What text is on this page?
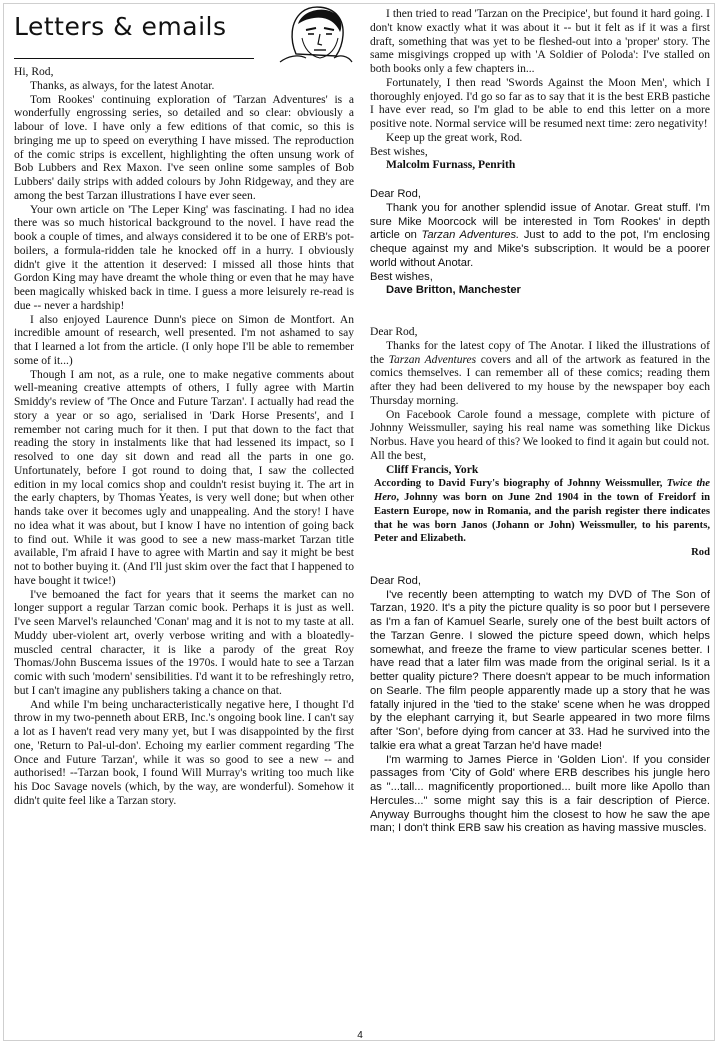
Letters & emails

Hi, Rod,

Thanks, as always, for the latest Anotar.

Tom Rookes' continuing exploration of 'Tarzan Adventures' is a wonderfully engrossing series, so detailed and so clear: obviously a labour of love. I have only a few editions of that comic, so this is bringing me up to speed on everything I have missed. The reproduction of the comic strips is excellent, highlighting the often unsung work of Bob Lubbers and Rex Maxon. I've seen online some samples of Bob Lubbers' daily strips with added colours by John Ridgeway, and they are among the best Tarzan illustrations I have ever seen.

Your own article on 'The Leper King' was fascinating. I had no idea there was so much historical background to the novel. I have read the book a couple of times, and always considered it to be one of ERB's pot-boilers, a formula-ridden tale he knocked off in a hurry. I obviously didn't give it the attention it deserved: I missed all those hints that Gordon King may have dreamt the whole thing or even that he may have been magically whisked back in time. I guess a more leisurely re-read is due -- never a hardship!

I also enjoyed Laurence Dunn's piece on Simon de Montfort. An incredible amount of research, well presented. I'm not ashamed to say that I learned a lot from the article. (I only hope I'll be able to remember some of it...)

Though I am not, as a rule, one to make negative comments about well-meaning creative attempts of others, I fully agree with Martin Smiddy's review of 'The Once and Future Tarzan'. I actually had read the story a year or so ago, serialised in 'Dark Horse Presents', and I remember not caring much for it then. I put that down to the fact that reading the story in instalments like that had lessened its impact, so I resolved to one day sit down and read all the parts in one go. Unfortunately, before I got round to doing that, I saw the collected edition in my local comics shop and couldn't resist buying it. The art in the early chapters, by Thomas Yeates, is very well done; but when other hands take over it becomes ugly and unappealing. And the story! I have no idea what it was about, but I know I have no intention of going back to find out. While it was good to see a new mass-market Tarzan title available, I'm afraid I have to agree with Martin and say it might be best not to bother buying it. (And I'll just skim over the fact that I happened to have bought it twice!)

I've bemoaned the fact for years that it seems the market can no longer support a regular Tarzan comic book. Perhaps it is just as well. I've seen Marvel's relaunched 'Conan' mag and it is not to my taste at all. Muddy uber-violent art, overly verbose writing and with a bloatedly-muscled central character, it is like a parody of the great Roy Thomas/John Buscema issues of the 1970s. I would hate to see a Tarzan comic with such 'modern' sensibilities. I'd want it to be refreshingly retro, but I can't imagine any publishers taking a chance on that.

And while I'm being uncharacteristically negative here, I thought I'd throw in my two-penneth about ERB, Inc.'s ongoing book line. I can't say a lot as I haven't read very many yet, but I was disappointed by the first one, 'Return to Pal-ul-don'. Echoing my earlier comment regarding 'The Once and Future Tarzan', while it was so good to see a new -- and authorised! --Tarzan book, I found Will Murray's writing too much like his Doc Savage novels (which, by the way, are wonderful). Somehow it didn't quite feel like a Tarzan story.

I then tried to read 'Tarzan on the Precipice', but found it hard going. I don't know exactly what it was about it -- but it felt as if it was a first draft, something that was yet to be fleshed-out into a 'proper' story. The same misgivings cropped up with 'A Soldier of Poloda': I've stalled on both books only a few chapters in...

Fortunately, I then read 'Swords Against the Moon Men', which I thoroughly enjoyed. I'd go so far as to say that it is the best ERB pastiche I have ever read, so I'm glad to be able to end this letter on a more positive note. Normal service will be resumed next time: zero negativity!

Keep up the great work, Rod.

Best wishes,

Malcolm Furnass, Penrith

Dear Rod,

Thank you for another splendid issue of Anotar. Great stuff. I'm sure Mike Moorcock will be interested in Tom Rookes' in depth article on Tarzan Adventures. Just to add to the pot, I'm enclosing cheque against my and Mike's subscription. It would be a poorer world without Anotar.

Best wishes,

Dave Britton, Manchester

Dear Rod,

Thanks for the latest copy of The Anotar. I liked the illustrations of the Tarzan Adventures covers and all of the artwork as featured in the comics themselves. I can remember all of these comics; reading them after they had been delivered to my house by the newspaper boy each Thursday morning.

On Facebook Carole found a message, complete with picture of Johnny Weissmuller, saying his real name was something like Dickus Norbus. Have you heard of this? We looked to find it again but could not.

All the best,

Cliff Francis, York

According to David Fury's biography of Johnny Weissmuller, Twice the Hero, Johnny was born on June 2nd 1904 in the town of Freidorf in Eastern Europe, now in Romania, and the parish register there indicates that he was born Janos (Johann or John) Weissmuller, to his parents, Peter and Elizabeth.

Rod

Dear Rod,

I've recently been attempting to watch my DVD of The Son of Tarzan, 1920. It's a pity the picture quality is so poor but I persevere as I'm a fan of Kamuel Searle, surely one of the best built actors of the Tarzan Genre. I slowed the picture speed down, which helps somewhat, and freeze the frame to view particular scenes better. I have read that a later film was made from the original serial. Is it a better quality picture? There doesn't appear to be much information on Searle. The film people apparently made up a story that he was fatally injured in the 'tied to the stake' scene when he was dropped by the elephant carrying it, but Searle appeared in two more films after 'Son', before dying from cancer at 33. Had he survived into the talkie era what a great Tarzan he'd have made!

I'm warming to James Pierce in 'Golden Lion'. If you consider passages from 'City of Gold' where ERB describes his jungle hero as "...tall... magnificently proportioned... built more like Apollo than Hercules..." some might say this is a fair description of Pierce. Anyway Burroughs thought him the closest to how he saw the ape man; I don't think ERB saw his creation as having massive muscles.

4
